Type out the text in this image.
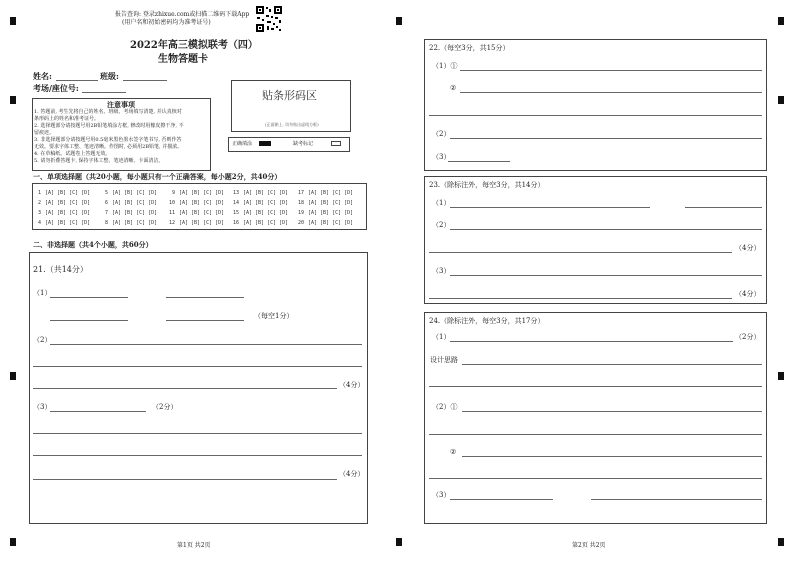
报告查询: 登录zhixue.com或扫描二维码下载App
(用户名和初始密码均为准考证号)
2022年高三模拟联考（四）
生物答题卡
姓名:	班级:
考场/座位号:
贴条形码区
(正面朝上, 切勿贴出虚线方框)
注意事项
1. 答题前, 考生先将自己的姓名、班级、考场填写清楚, 并认真核对
条形码上的姓名和准考证号。
2. 选择题部分请按题号用2B铅笔填涂方框, 修改时用橡皮擦干净, 不
留痕迹。
3. 非选择题部分请按题号用0.5毫米黑色墨水签字笔书写, 否则作答
无效。要求字体工整、笔迹清晰。作图时, 必须用2B铅笔, 并描浓。
4. 在草稿纸、试题卷上答题无效。
5. 请勿折叠答题卡, 保持字体工整、笔迹清晰、卡面清洁。
正确填涂	缺考标记
一、单项选择题（共20小题，每小题只有一个正确答案，每小题2分，共40分）
1 [A] [B] [C] [D]	5 [A] [B] [C] [D]	9 [A] [B] [C] [D] 13 [A] [B] [C] [D] 17 [A] [B] [C] [D]
2 [A] [B] [C] [D]	6 [A] [B] [C] [D] 10 [A] [B] [C] [D] 14 [A] [B] [C] [D] 18 [A] [B] [C] [D]
3 [A] [B] [C] [D]	7 [A] [B] [C] [D] 11 [A] [B] [C] [D] 15 [A] [B] [C] [D] 19 [A] [B] [C] [D]
4 [A] [B] [C] [D]	8 [A] [B] [C] [D] 12 [A] [B] [C] [D] 16 [A] [B] [C] [D] 20 [A] [B] [C] [D]
二、非选择题（共4个小题，共60分）
21.（共14分）
（1）
（每空1分）
（2）
（4分）
（3）	（2分）
（4分）
第1页 共2页
22.（每空3分，共15分）
（1）①
②
（2）
（3）
23.（除标注外，每空3分，共14分）
（1）
（2）
（4分）
（3）
（4分）
24.（除标注外，每空3分，共17分）
（1）	（2分）
设计思路
（2）①
②
（3）
第2页 共2页
